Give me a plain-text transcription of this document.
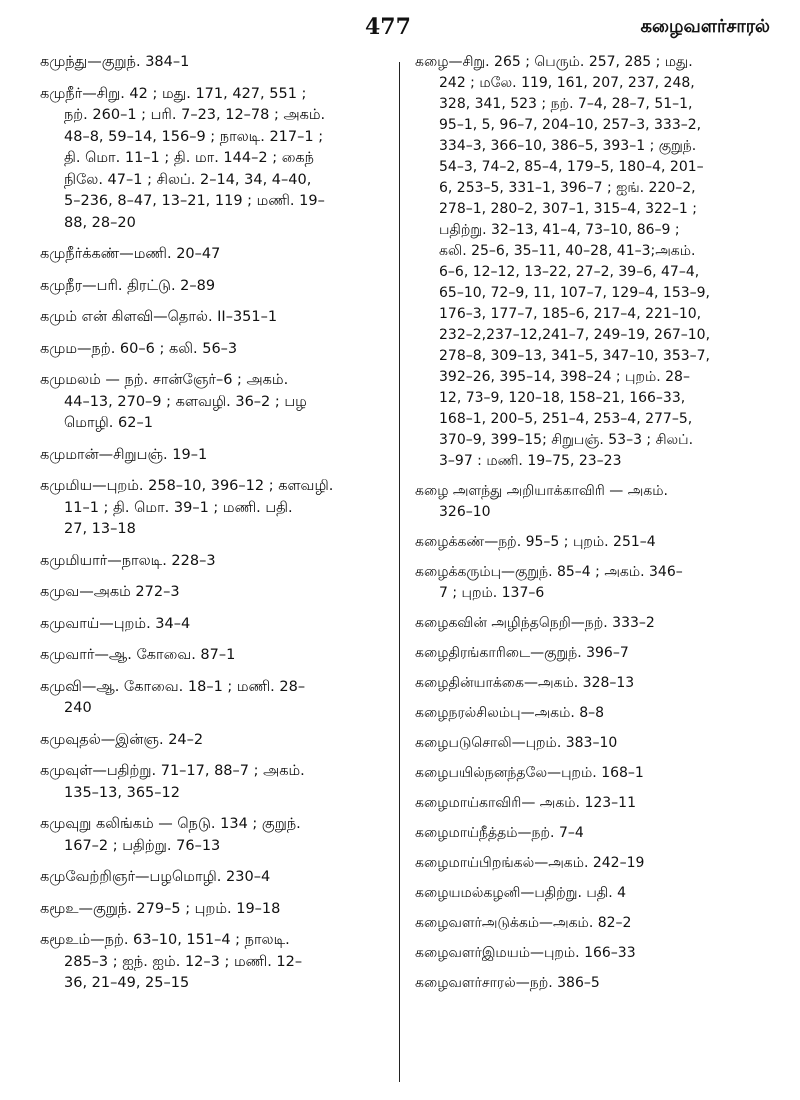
477	கழைவளர்சாரல்

கமுந்து—குறுந். 384–1

கமுநீர்—சிறு. 42 ; மது. 171, 427, 551 ;
நற். 260–1 ; பரி. 7–23, 12–78 ; அகம்.
48–8, 59–14, 156–9 ; நாலடி. 217–1 ;
தி. மொ. 11–1 ; தி. மா. 144–2 ; கைந்
நிலே. 47–1 ; சிலப். 2–14, 34, 4–40,
5–236, 8–47, 13–21, 119 ; மணி. 19–
88, 28–20

கமுநீர்க்கண்—மணி. 20–47

கமுநீர—பரி. திரட்டு. 2–89

கமும் என் கிளவி—தொல். II–351–1

கமும—நற். 60–6 ; கலி. 56–3

கமுமலம் — நற். சான்ஞேர்–6 ; அகம்.
44–13, 270–9 ; களவழி. 36–2 ; பழ
மொழி. 62–1

கமுமான்—சிறுபஞ். 19–1

கமுமிய—புறம். 258–10, 396–12 ; களவழி.
11–1 ; தி. மொ. 39–1 ; மணி. பதி.
27, 13–18

கமுமியார்—நாலடி. 228–3

கமுவ—அகம் 272–3

கமுவாய்—புறம். 34–4

கமுவார்—ஆ. கோவை. 87–1

கமுவி—ஆ. கோவை. 18–1 ; மணி. 28–
240

கமுவுதல்—இன்ஞ. 24–2

கமுவுள்—பதிற்று. 71–17, 88–7 ; அகம்.
135–13, 365–12

கமுவுறு கலிங்கம் — நெடு. 134 ; குறுந்.
167–2 ; பதிற்று. 76–13

கமுவேற்றிஞர்—பழமொழி. 230–4

கமூஉ—குறுந். 279–5 ; புறம். 19–18

கமூஉம்—நற். 63–10, 151–4 ; நாலடி.
285–3 ; ஐந். ஐம். 12–3 ; மணி. 12–
36, 21–49, 25–15

கழை—சிறு. 265 ; பெரும். 257, 285 ; மது.
242 ; மலே. 119, 161, 207, 237, 248,
328, 341, 523 ; நற். 7–4, 28–7, 51–1,
95–1, 5, 96–7, 204–10, 257–3, 333–2,
334–3, 366–10, 386–5, 393–1 ; குறுந்.
54–3, 74–2, 85–4, 179–5, 180–4, 201–
6, 253–5, 331–1, 396–7 ; ஐங். 220–2,
278–1, 280–2, 307–1, 315–4, 322–1 ;
பதிற்று. 32–13, 41–4, 73–10, 86–9 ;
கலி. 25–6, 35–11, 40–28, 41–3;அகம்.
6–6, 12–12, 13–22, 27–2, 39–6, 47–4,
65–10, 72–9, 11, 107–7, 129–4, 153–9,
176–3, 177–7, 185–6, 217–4, 221–10,
232–2,237–12,241–7, 249–19, 267–10,
278–8, 309–13, 341–5, 347–10, 353–7,
392–26, 395–14, 398–24 ; புறம். 28–
12, 73–9, 120–18, 158–21, 166–33,
168–1, 200–5, 251–4, 253–4, 277–5,
370–9, 399–15; சிறுபஞ். 53–3 ; சிலப்.
3–97 : மணி. 19–75, 23–23

கழை அளந்து அறியாக்காவிரி — அகம்.
326–10

கழைக்கண்—நற். 95–5 ; புறம். 251–4

கழைக்கரும்பு—குறுந். 85–4 ; அகம். 346–
7 ; புறம். 137–6

கழைகவின் அழிந்தநெறி—நற். 333–2

கழைதிரங்காரிடை—குறுந். 396–7

கழைதின்யாக்கை—அகம். 328–13

கழைநரல்சிலம்பு—அகம். 8–8

கழைபடுசொலி—புறம். 383–10

கழைபயில்நனந்தலே—புறம். 168–1

கழைமாய்காவிரி— அகம். 123–11

கழைமாய்நீத்தம்—நற். 7–4

கழைமாய்பிறங்கல்—அகம். 242–19

கழையமல்கழனி—பதிற்று. பதி. 4

கழைவளர்அடுக்கம்—அகம். 82–2

கழைவளர்இமயம்—புறம். 166–33

கழைவளர்சாரல்—நற். 386–5
